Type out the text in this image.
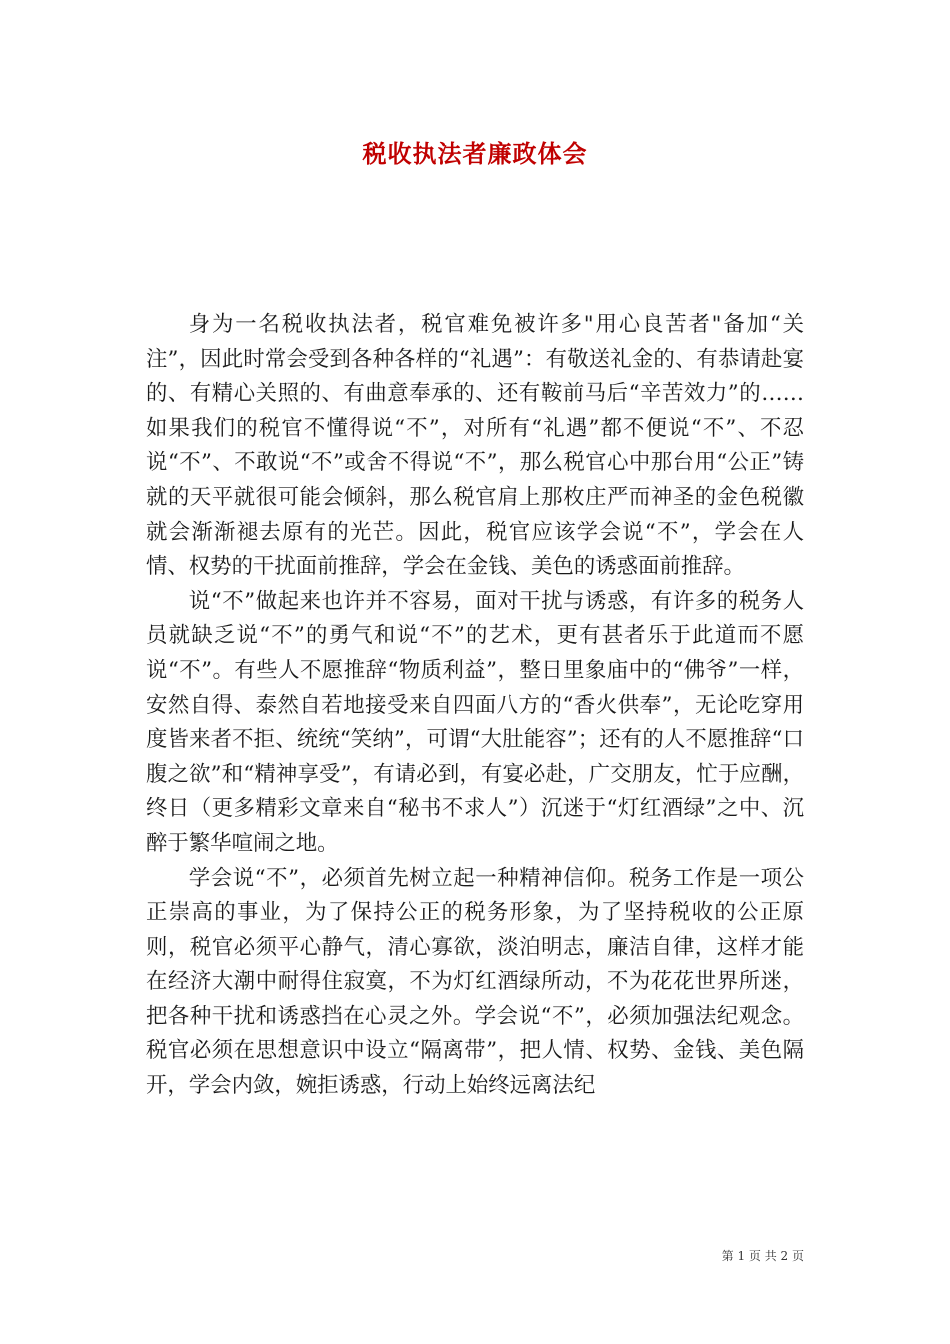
税收执法者廉政体会

身为一名税收执法者，税官难免被许多"用心良苦者"备加“关注”，因此时常会受到各种各样的“礼遇”：有敬送礼金的、有恭请赴宴的、有精心关照的、有曲意奉承的、还有鞍前马后“辛苦效力”的……如果我们的税官不懂得说“不”，对所有“礼遇”都不便说“不”、不忍说“不”、不敢说“不”或舍不得说“不”，那么税官心中那台用“公正”铸就的天平就很可能会倾斜，那么税官肩上那枚庄严而神圣的金色税徽就会渐渐褪去原有的光芒。因此，税官应该学会说“不”，学会在人情、权势的干扰面前推辞，学会在金钱、美色的诱惑面前推辞。

说“不”做起来也许并不容易，面对干扰与诱惑，有许多的税务人员就缺乏说“不”的勇气和说“不”的艺术，更有甚者乐于此道而不愿说“不”。有些人不愿推辞“物质利益”，整日里象庙中的“佛爷”一样，安然自得、泰然自若地接受来自四面八方的“香火供奉”，无论吃穿用度皆来者不拒、统统“笑纳”，可谓“大肚能容”；还有的人不愿推辞“口腹之欲”和“精神享受”，有请必到，有宴必赴，广交朋友，忙于应酬，终日（更多精彩文章来自“秘书不求人”）沉迷于“灯红酒绿”之中、沉醉于繁华喧闹之地。

学会说“不”，必须首先树立起一种精神信仰。税务工作是一项公正崇高的事业，为了保持公正的税务形象，为了坚持税收的公正原则，税官必须平心静气，清心寡欲，淡泊明志，廉洁自律，这样才能在经济大潮中耐得住寂寞，不为灯红酒绿所动，不为花花世界所迷，把各种干扰和诱惑挡在心灵之外。学会说“不”，必须加强法纪观念。税官必须在思想意识中设立“隔离带”，把人情、权势、金钱、美色隔开，学会内敛，婉拒诱惑，行动上始终远离法纪

第 1 页 共 2 页
